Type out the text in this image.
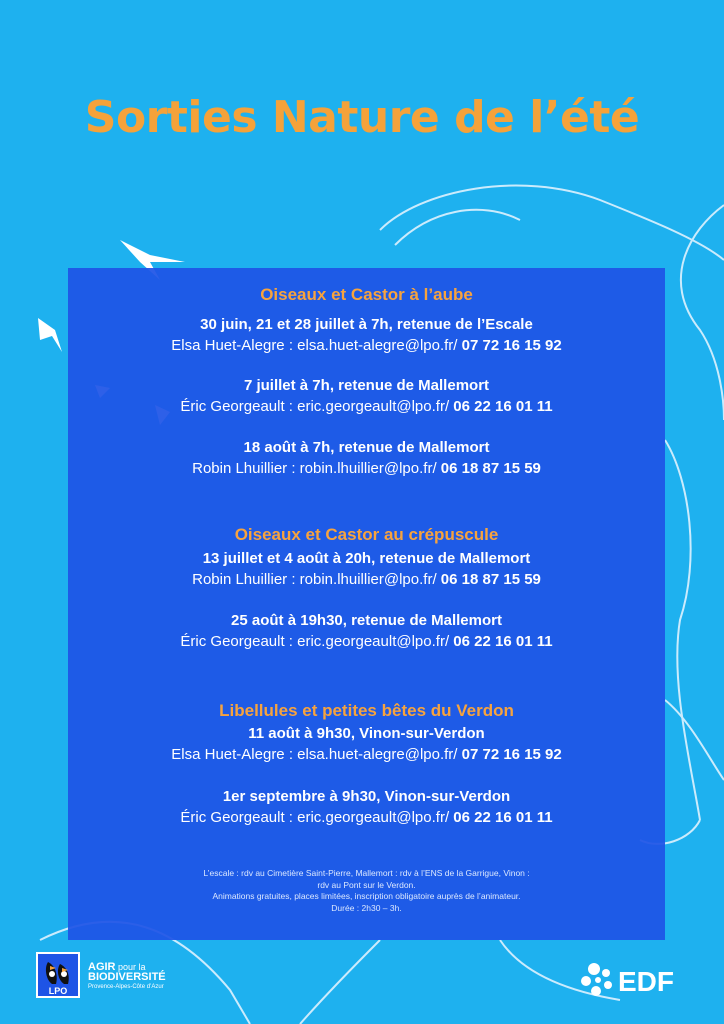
Sorties Nature de l’été
Oiseaux et Castor à l’aube
30 juin, 21 et 28 juillet à 7h, retenue de l’Escale
Elsa Huet-Alegre : elsa.huet-alegre@lpo.fr/ 07 72 16 15 92
7 juillet à 7h, retenue de Mallemort
Éric Georgeault : eric.georgeault@lpo.fr/ 06 22 16 01 11
18 août à 7h, retenue de Mallemort
Robin Lhuillier : robin.lhuillier@lpo.fr/ 06 18 87 15 59
Oiseaux et Castor au crépuscule
13 juillet et 4 août à 20h, retenue de Mallemort
Robin Lhuillier : robin.lhuillier@lpo.fr/ 06 18 87 15 59
25 août à 19h30, retenue de Mallemort
Éric Georgeault : eric.georgeault@lpo.fr/ 06 22 16 01 11
Libellules et petites bêtes du Verdon
11 août à 9h30, Vinon-sur-Verdon
Elsa Huet-Alegre : elsa.huet-alegre@lpo.fr/ 07 72 16 15 92
1er septembre à 9h30, Vinon-sur-Verdon
Éric Georgeault : eric.georgeault@lpo.fr/ 06 22 16 01 11
L’escale : rdv au Cimetière Saint-Pierre, Mallemort : rdv à l’ENS de la Garrigue, Vinon :
rdv au Pont sur le Verdon.
Animations gratuites, places limitées, inscription obligatoire auprès de l’animateur.
Durée : 2h30 – 3h.
LPO
AGIR pour la
BIODIVERSITÉ
Provence-Alpes-Côte d’Azur	EDF
